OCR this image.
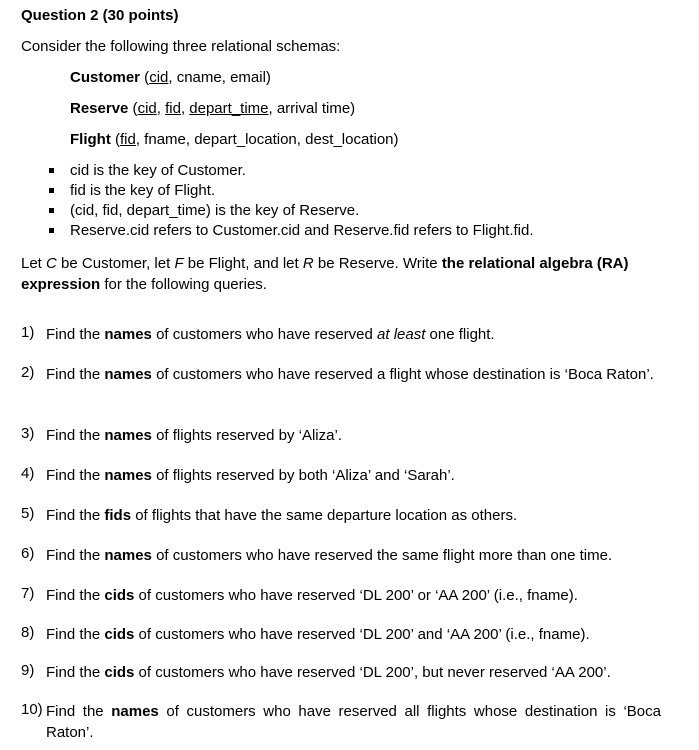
Question 2 (30 points)
Consider the following three relational schemas:
Customer (cid, cname, email)
Reserve (cid, fid, depart_time, arrival time)
Flight (fid, fname, depart_location, dest_location)
cid is the key of Customer.
fid is the key of Flight.
(cid, fid, depart_time) is the key of Reserve.
Reserve.cid refers to Customer.cid and Reserve.fid refers to Flight.fid.
Let C be Customer, let F be Flight, and let R be Reserve. Write the relational algebra (RA) expression for the following queries.
1) Find the names of customers who have reserved at least one flight.
2) Find the names of customers who have reserved a flight whose destination is ‘Boca Raton’.
3) Find the names of flights reserved by ‘Aliza’.
4) Find the names of flights reserved by both ‘Aliza’ and ‘Sarah’.
5) Find the fids of flights that have the same departure location as others.
6) Find the names of customers who have reserved the same flight more than one time.
7) Find the cids of customers who have reserved ‘DL 200’ or ‘AA 200’ (i.e., fname).
8) Find the cids of customers who have reserved ‘DL 200’ and ‘AA 200’ (i.e., fname).
9) Find the cids of customers who have reserved ‘DL 200’, but never reserved ‘AA 200’.
10) Find the names of customers who have reserved all flights whose destination is ‘Boca Raton’.
